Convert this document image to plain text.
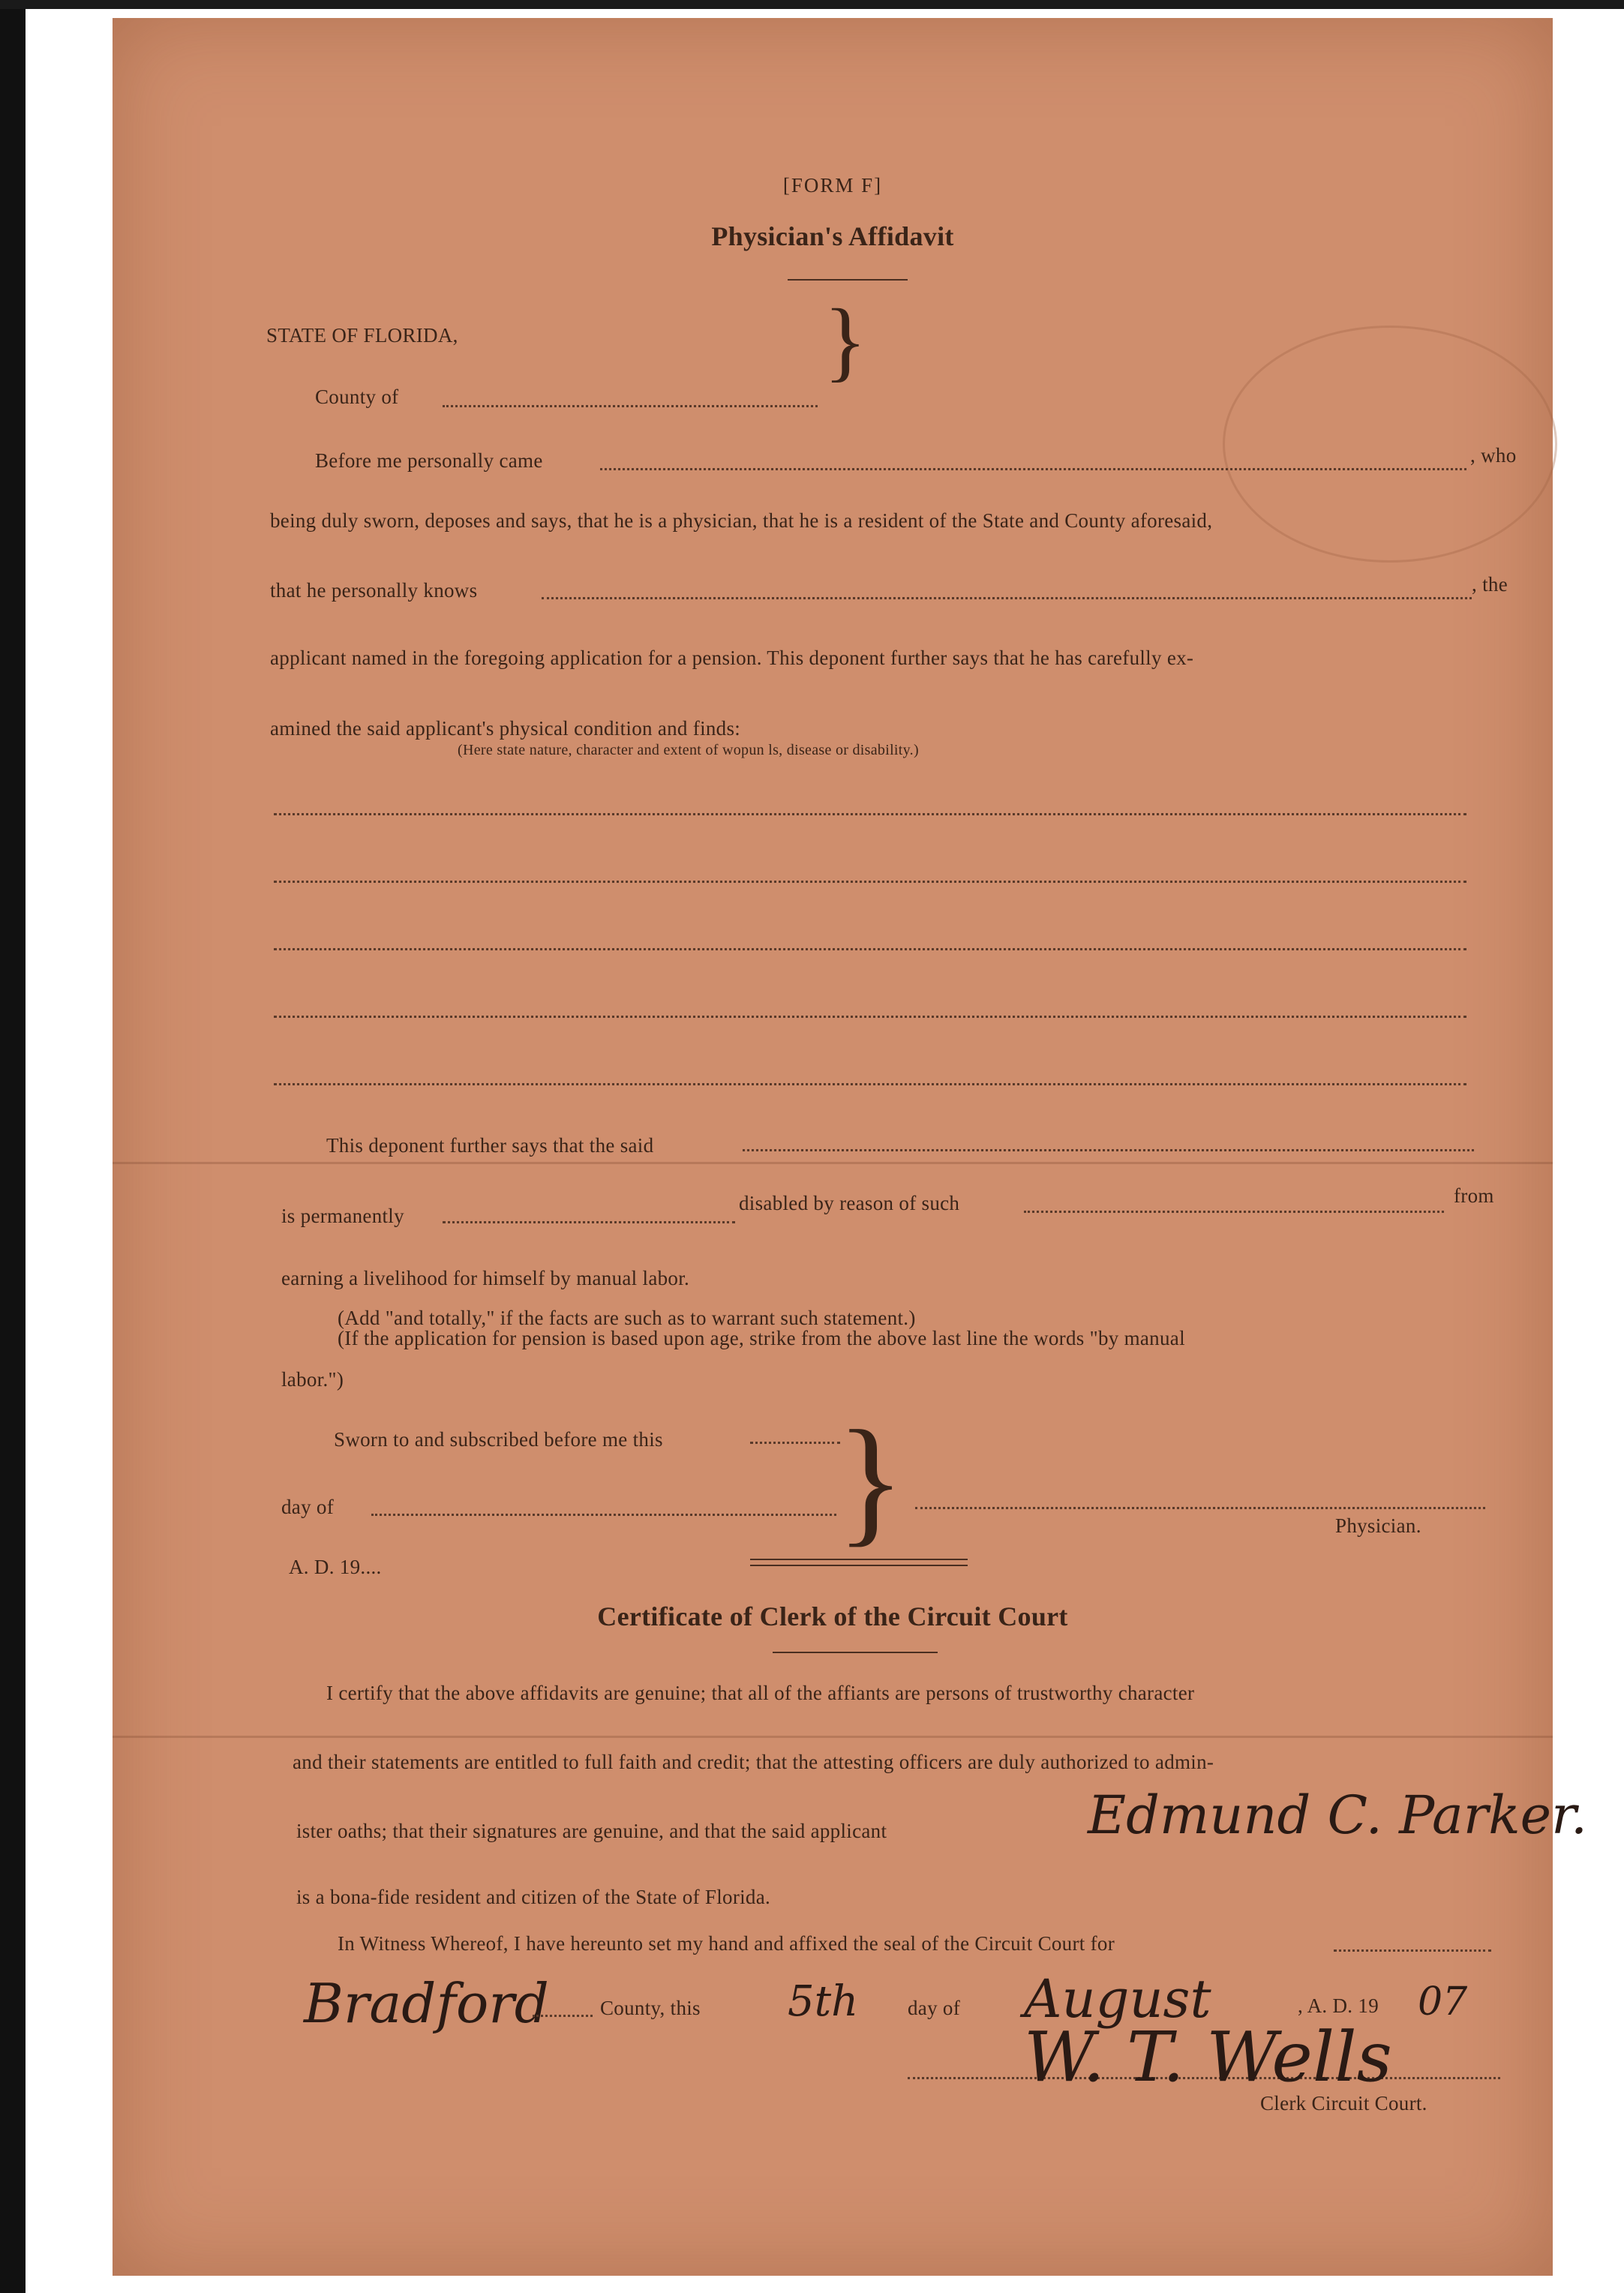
[FORM F]
Physician's Affidavit
STATE OF FLORIDA,
County of
}
Before me personally came	, who
being duly sworn, deposes and says, that he is a physician, that he is a resident of the State and County aforesaid,
that he personally knows	, the
applicant named in the foregoing application for a pension. This deponent further says that he has carefully ex-
amined the said applicant's physical condition and finds:
(Here state nature, character and extent of wopun ls, disease or disability.)
This deponent further says that the said
is permanently
disabled by reason of such	from
earning a livelihood for himself by manual labor.
(Add "and totally," if the facts are such as to warrant such statement.)
(If the application for pension is based upon age, strike from the above last line the words "by manual
labor.")
Sworn to and subscribed before me this
day of
A. D. 19....
}	Physician.
Certificate of Clerk of the Circuit Court
I certify that the above affidavits are genuine; that all of the affiants are persons of trustworthy character
and their statements are entitled to full faith and credit; that the attesting officers are duly authorized to admin-
ister oaths; that their signatures are genuine, and that the said applicant	Edmund C. Parker.
is a bona-fide resident and citizen of the State of Florida.
In Witness Whereof, I have hereunto set my hand and affixed the seal of the Circuit Court for
Bradford	County, this 5th day of August	, A. D. 19 07
W. T. Wells
Clerk Circuit Court.
